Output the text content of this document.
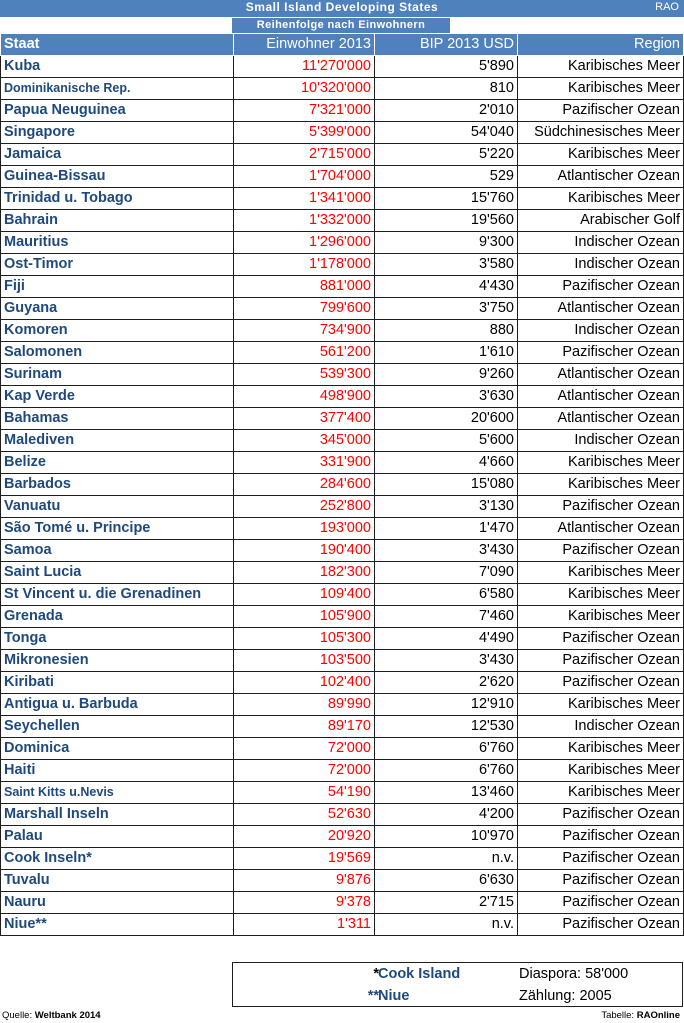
Small Island Developing States	RAO
Reihenfolge nach Einwohnern
Staat	Einwohner 2013	BIP 2013 USD	Region
Kuba	11'270'000	5'890	Karibisches Meer
Dominikanische Rep.	10'320'000	810	Karibisches Meer
Papua Neuguinea	7'321'000	2'010	Pazifischer Ozean
Singapore	5'399'000	54'040	Südchinesisches Meer
Jamaica	2'715'000	5'220	Karibisches Meer
Guinea-Bissau	1'704'000	529	Atlantischer Ozean
Trinidad u. Tobago	1'341'000	15'760	Karibisches Meer
Bahrain	1'332'000	19'560	Arabischer Golf
Mauritius	1'296'000	9'300	Indischer Ozean
Ost-Timor	1'178'000	3'580	Indischer Ozean
Fiji	881'000	4'430	Pazifischer Ozean
Guyana	799'600	3'750	Atlantischer Ozean
Komoren	734'900	880	Indischer Ozean
Salomonen	561'200	1'610	Pazifischer Ozean
Surinam	539'300	9'260	Atlantischer Ozean
Kap Verde	498'900	3'630	Atlantischer Ozean
Bahamas	377'400	20'600	Atlantischer Ozean
Malediven	345'000	5'600	Indischer Ozean
Belize	331'900	4'660	Karibisches Meer
Barbados	284'600	15'080	Karibisches Meer
Vanuatu	252'800	3'130	Pazifischer Ozean
São Tomé u. Principe	193'000	1'470	Atlantischer Ozean
Samoa	190'400	3'430	Pazifischer Ozean
Saint Lucia	182'300	7'090	Karibisches Meer
St Vincent u. die Grenadinen	109'400	6'580	Karibisches Meer
Grenada	105'900	7'460	Karibisches Meer
Tonga	105'300	4'490	Pazifischer Ozean
Mikronesien	103'500	3'430	Pazifischer Ozean
Kiribati	102'400	2'620	Pazifischer Ozean
Antigua u. Barbuda	89'990	12'910	Karibisches Meer
Seychellen	89'170	12'530	Indischer Ozean
Dominica	72'000	6'760	Karibisches Meer
Haiti	72'000	6'760	Karibisches Meer
Saint Kitts u.Nevis	54'190	13'460	Karibisches Meer
Marshall Inseln	52'630	4'200	Pazifischer Ozean
Palau	20'920	10'970	Pazifischer Ozean
Cook Inseln*	19'569	n.v.	Pazifischer Ozean
Tuvalu	9'876	6'630	Pazifischer Ozean
Nauru	9'378	2'715	Pazifischer Ozean
Niue**	1'311	n.v.	Pazifischer Ozean
* Cook Island	Diaspora: 58'000
** Niue	Zählung: 2005
Quelle: Weltbank 2014	Tabelle: RAOnline
